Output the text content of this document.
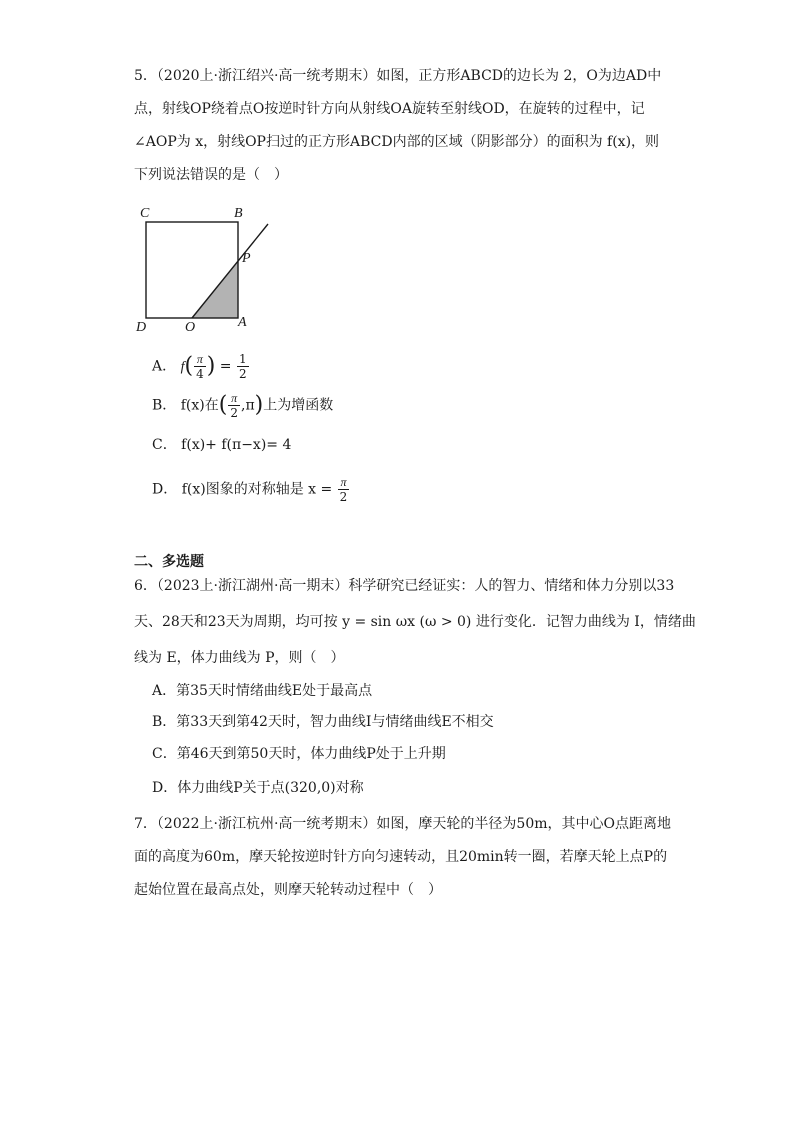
5．（2020上·浙江绍兴·高一统考期末）如图，正方形ABCD的边长为 2，O为边AD中
点，射线OP绕着点O按逆时针方向从射线OA旋转至射线OD，在旋转的过程中，记
∠AOP为 x，射线OP扫过的正方形ABCD内部的区域（阴影部分）的面积为 f(x)，则
下列说法错误的是（　）
C	B
P
D	O	A
A． $f( \frac{\pi}{4}$ ) = $\frac{1}{2}$
B． f(x)在( $\frac{\pi}{2} ,\pi$)上为增函数
C． f(x)+ f(π−x)= 4
D． f(x)图象的对称轴是 $x = \frac{\pi}{2}$
二、多选题
6．（2023上·浙江湖州·高一期末）科学研究已经证实：人的智力、情绪和体力分别以33
天、28天和23天为周期，均可按 y = sin ωx (ω > 0) 进行变化．记智力曲线为 I，情绪曲
线为 E，体力曲线为 P，则（　）
A．第35天时情绪曲线E处于最高点
B．第33天到第42天时，智力曲线I与情绪曲线E不相交
C．第46天到第50天时，体力曲线P处于上升期
D．体力曲线P关于点(320,0)对称
7．（2022上·浙江杭州·高一统考期末）如图，摩天轮的半径为50m，其中心O点距离地
面的高度为60m，摩天轮按逆时针方向匀速转动，且20min转一圈，若摩天轮上点P的
起始位置在最高点处，则摩天轮转动过程中（　）
